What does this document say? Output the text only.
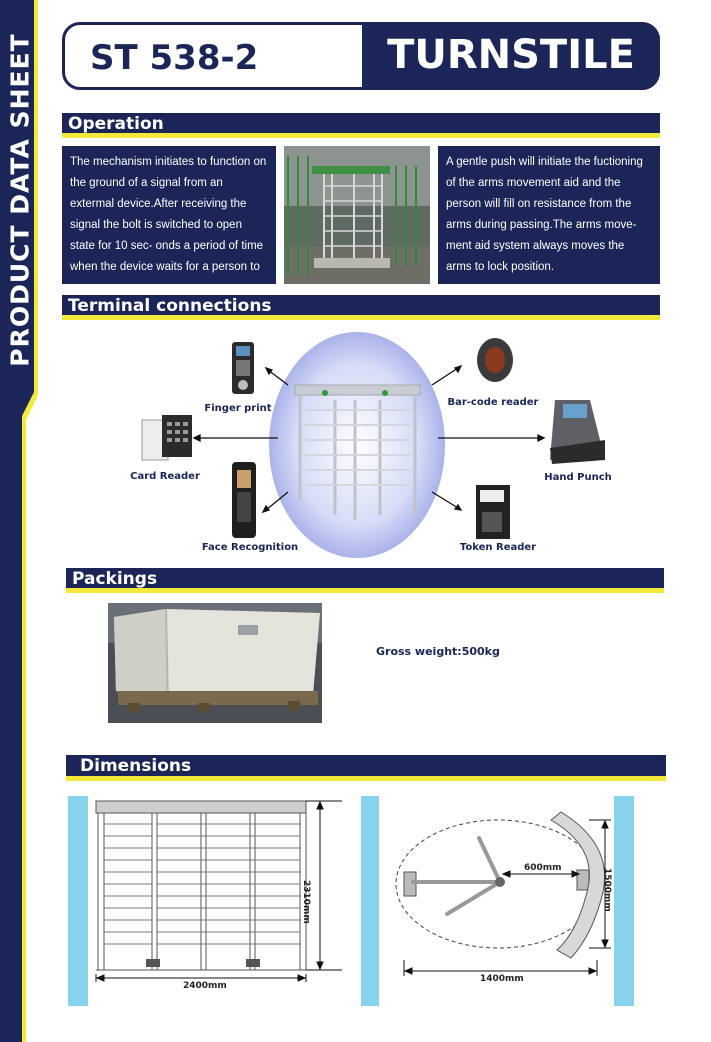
PRODUCT DATA SHEET ST 538-2	TURNSTILE
Operation
The mechanism initiates to function on the ground of a signal from an extermal device.After receiving the signal the bolt is switched to open state for 10 sec- onds a period of time when the device waits for a person to pass.
A gentle push will initiate the fuctioning of the arms movement aid and the person will fill on resistance from the arms during passing.The arms move- ment aid system always moves the arms to lock position.
Terminal connections
Finger print
Bar-code reader
Card Reader	Hand Punch
Face Recognition	Token Reader
Packings
Gross weight:500kg
Dimensions
2310mm
2400mm
600mm	1500mm
1400mm
